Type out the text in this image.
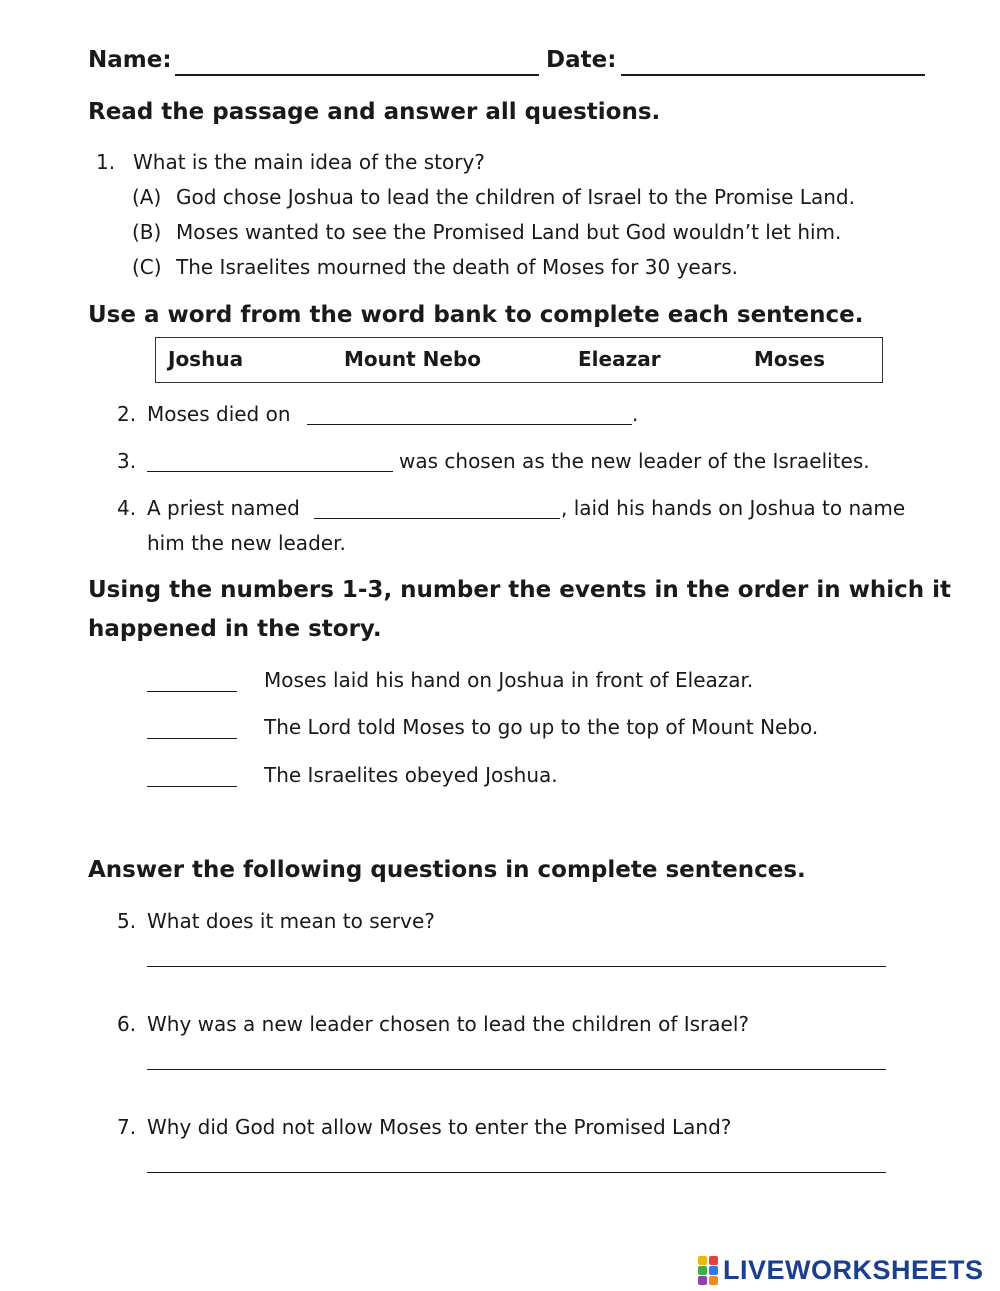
Name:	Date:
Read the passage and answer all questions.
1. What is the main idea of the story?
(A) God chose Joshua to lead the children of Israel to the Promise Land.
(B) Moses wanted to see the Promised Land but God wouldn’t let him.
(C) The Israelites mourned the death of Moses for 30 years.
Use a word from the word bank to complete each sentence.
Joshua	Mount Nebo	Eleazar	Moses
2. Moses died on	.
3.	was chosen as the new leader of the Israelites.
4. A priest named	, laid his hands on Joshua to name
him the new leader.
Using the numbers 1-3, number the events in the order in which it
happened in the story.
Moses laid his hand on Joshua in front of Eleazar.
The Lord told Moses to go up to the top of Mount Nebo.
The Israelites obeyed Joshua.
Answer the following questions in complete sentences.
5. What does it mean to serve?
6. Why was a new leader chosen to lead the children of Israel?
7. Why did God not allow Moses to enter the Promised Land?
LIVEWORKSHEETS
